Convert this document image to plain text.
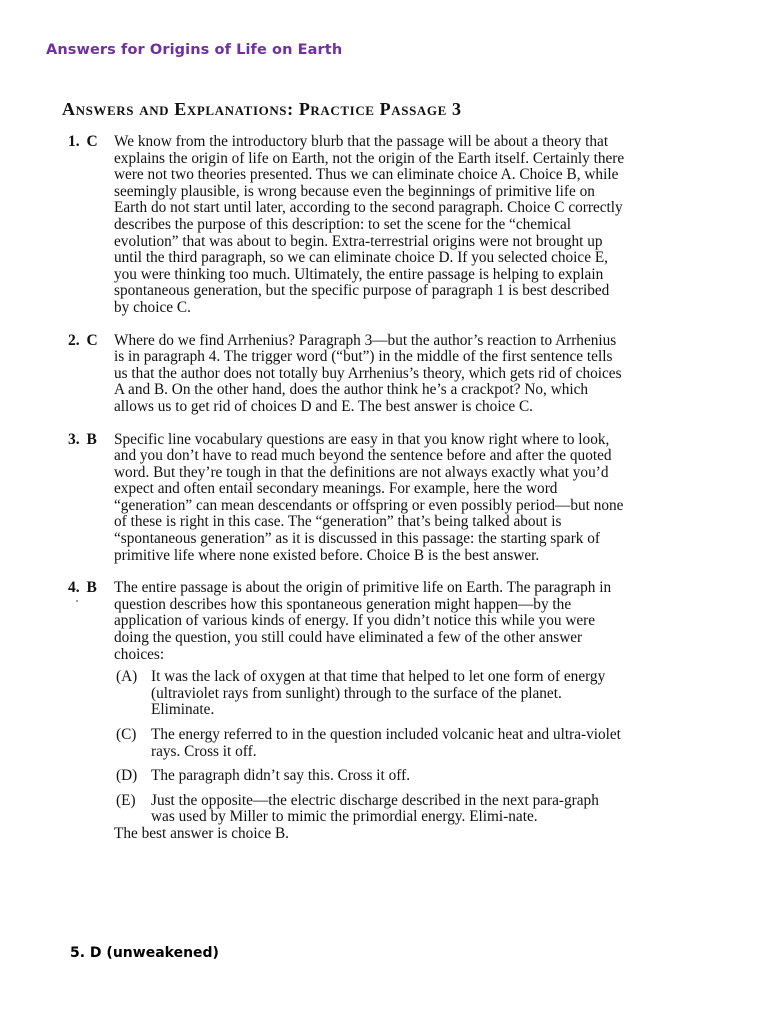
Answers for Origins of Life on Earth
Answers and Explanations: Practice Passage 3
1. C	We know from the introductory blurb that the passage will be about a theory that explains the origin of life on Earth, not the origin of the Earth itself. Certainly there were not two theories presented. Thus we can eliminate choice A. Choice B, while seemingly plausible, is wrong because even the beginnings of primitive life on Earth do not start until later, according to the second paragraph. Choice C correctly describes the purpose of this description: to set the scene for the “chemical evolution” that was about to begin. Extra-terrestrial origins were not brought up until the third paragraph, so we can eliminate choice D. If you selected choice E, you were thinking too much. Ultimately, the entire passage is helping to explain spontaneous generation, but the specific purpose of paragraph 1 is best described by choice C.

2. C	Where do we find Arrhenius? Paragraph 3—but the author’s reaction to Arrhenius is in paragraph 4. The trigger word (“but”) in the middle of the first sentence tells us that the author does not totally buy Arrhenius’s theory, which gets rid of choices A and B. On the other hand, does the author think he’s a crackpot? No, which allows us to get rid of choices D and E. The best answer is choice C.

3. B	Specific line vocabulary questions are easy in that you know right where to look, and you don’t have to read much beyond the sentence before and after the quoted word. But they’re tough in that the definitions are not always exactly what you’d expect and often entail secondary meanings. For example, here the word “generation” can mean descendants or offspring or even possibly period—but none of these is right in this case. The “generation” that’s being talked about is “spontaneous generation” as it is discussed in this passage: the starting spark of primitive life where none existed before. Choice B is the best answer.

4. B	The entire passage is about the origin of primitive life on Earth. The paragraph in question describes how this spontaneous generation might happen—by the application of various kinds of energy. If you didn’t notice this while you were doing the question, you still could have eliminated a few of the other answer choices:

(A) It was the lack of oxygen at that time that helped to let one form of energy (ultraviolet rays from sunlight) through to the surface of the planet. Eliminate.
(C) The energy referred to in the question included volcanic heat and ultra-violet rays. Cross it off.
(D) The paragraph didn’t say this. Cross it off.
(E)	Just the opposite—the electric discharge described in the next para-graph was used by Miller to mimic the primordial energy. Elimi-nate.

The best answer is choice B.

5. D (unweakened)
